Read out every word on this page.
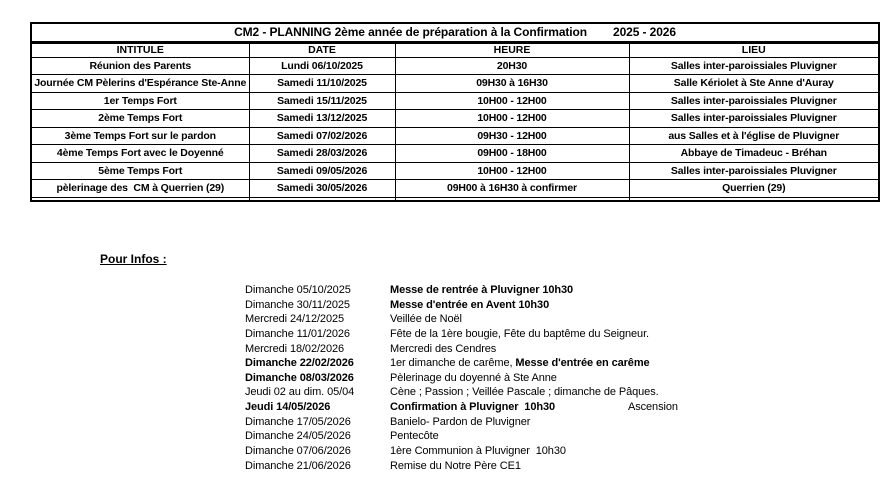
CM2 - PLANNING 2ème année de préparation à la Confirmation 2025 - 2026			
INTITULE	DATE	HEURE	LIEU
Réunion des Parents	Lundi 06/10/2025	20H30	Salles inter-paroissiales Pluvigner
Journée CM Pèlerins d'Espérance Ste-Anne	Samedi 11/10/2025	09H30 à 16H30	Salle Kériolet à Ste Anne d'Auray
1er Temps Fort	Samedi 15/11/2025	10H00 - 12H00	Salles inter-paroissiales Pluvigner
2ème Temps Fort	Samedi 13/12/2025	10H00 - 12H00	Salles inter-paroissiales Pluvigner
3ème Temps Fort sur le pardon	Samedi 07/02/2026	09H30 - 12H00	aus Salles et à l'église de Pluvigner
4ème Temps Fort avec le Doyenné	Samedi 28/03/2026	09H00 - 18H00	Abbaye de Timadeuc - Bréhan
5ème Temps Fort	Samedi 09/05/2026	10H00 - 12H00	Salles inter-paroissiales Pluvigner
pèlerinage des  CM à Querrien (29)	Samedi 30/05/2026	09H00 à 16H30 à confirmer	Querrien (29)

Pour Infos :
Dimanche 05/10/2025	Messe de rentrée à Pluvigner 10h30
Dimanche 30/11/2025	Messe d'entrée en Avent 10h30
Mercredi 24/12/2025	Veillée de Noël
Dimanche 11/01/2026	Fête de la 1ère bougie, Fête du baptême du Seigneur.
Mercredi 18/02/2026	Mercredi des Cendres
Dimanche 22/02/2026	1er dimanche de carême, Messe d'entrée en carême
Dimanche 08/03/2026	Pèlerinage du doyenné à Ste Anne
Jeudi 02 au dim. 05/04	Cène ; Passion ; Veillée Pascale ; dimanche de Pâques.
Jeudi 14/05/2026	Confirmation à Pluvigner  10h30	Ascension
Dimanche 17/05/2026	Banielo- Pardon de Pluvigner
Dimanche 24/05/2026	Pentecôte
Dimanche 07/06/2026	1ère Communion à Pluvigner  10h30
Dimanche 21/06/2026	Remise du Notre Père CE1
